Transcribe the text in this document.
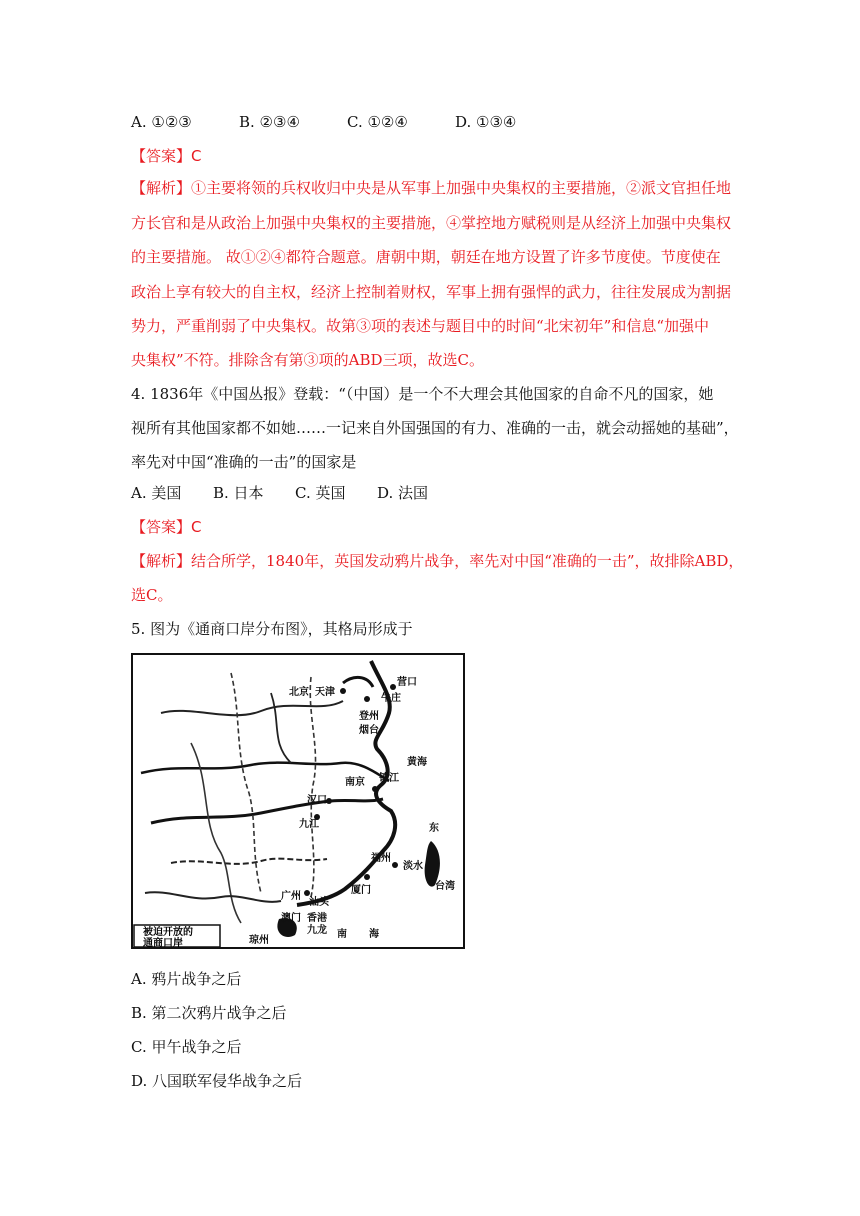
A. ①②③	B. ②③④	C. ①②④	D. ①③④
【答案】C
【解析】①主要将领的兵权收归中央是从军事上加强中央集权的主要措施，②派文官担任地
方长官和是从政治上加强中央集权的主要措施，④掌控地方赋税则是从经济上加强中央集权
的主要措施。 故①②④都符合题意。唐朝中期，朝廷在地方设置了许多节度使。节度使在
政治上享有较大的自主权，经济上控制着财权，军事上拥有强悍的武力，往往发展成为割据
势力，严重削弱了中央集权。故第③项的表述与题目中的时间“北宋初年”和信息“加强中
央集权”不符。排除含有第③项的ABD三项，故选C。
4. 1836年《中国丛报》登载：“（中国）是一个不大理会其他国家的自命不凡的国家，她
视所有其他国家都不如她……一记来自外国强国的有力、准确的一击，就会动摇她的基础”，
率先对中国“准确的一击”的国家是
A. 美国 B. 日本 C. 英国 D. 法国
【答案】C
【解析】结合所学，1840年，英国发动鸦片战争，率先对中国“准确的一击”，故排除ABD，
选C。
5. 图为《通商口岸分布图》，其格局形成于
北京 天津
牛庄
营口
登州
烟台
黄海
南京 镇江
汉口
九江	东
福州
淡水
台湾
广州
汕头
厦门
澳门 香港
九龙 南 海
琼州
被迫开放的
通商口岸
A. 鸦片战争之后
B. 第二次鸦片战争之后
C. 甲午战争之后
D. 八国联军侵华战争之后
